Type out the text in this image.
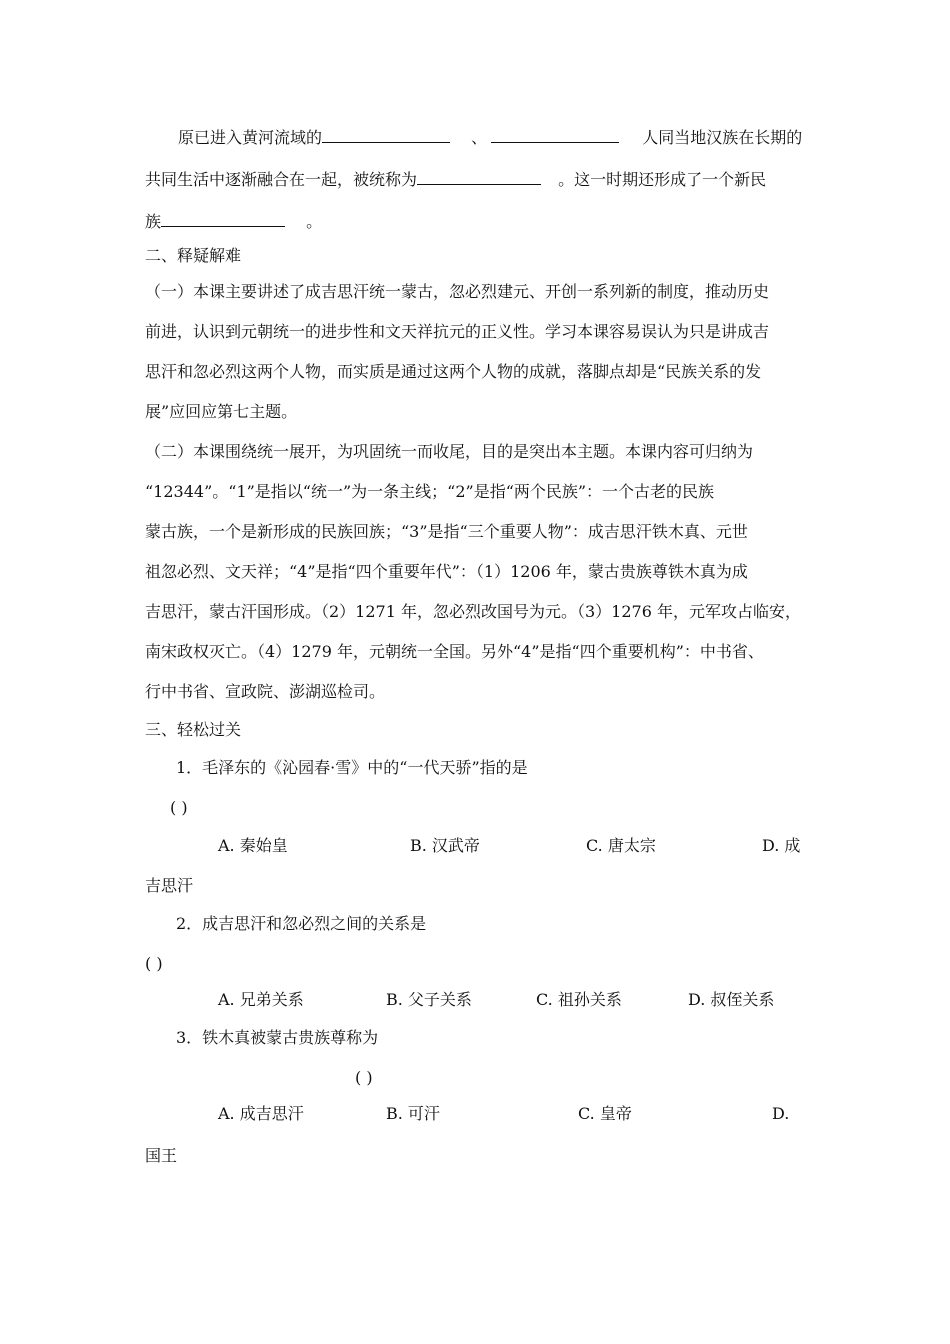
原已进入黄河流域的	、	人同当地汉族在长期的
共同生活中逐渐融合在一起，被统称为	。这一时期还形成了一个新民
族	。
二、释疑解难
（一）本课主要讲述了成吉思汗统一蒙古，忽必烈建元、开创一系列新的制度，推动历史
前进，认识到元朝统一的进步性和文天祥抗元的正义性。学习本课容易误认为只是讲成吉
思汗和忽必烈这两个人物，而实质是通过这两个人物的成就，落脚点却是“民族关系的发
展”应回应第七主题。
（二）本课围绕统一展开，为巩固统一而收尾，目的是突出本主题。本课内容可归纳为
“12344”。“1”是指以“统一”为一条主线；“2”是指“两个民族”：一个古老的民族
蒙古族，一个是新形成的民族回族；“3”是指“三个重要人物”：成吉思汗铁木真、元世
祖忽必烈、文天祥；“4”是指“四个重要年代”：（1）1206 年，蒙古贵族尊铁木真为成
吉思汗，蒙古汗国形成。（2）1271 年，忽必烈改国号为元。（3）1276 年，元军攻占临安，
南宋政权灭亡。（4）1279 年，元朝统一全国。另外“4”是指“四个重要机构”：中书省、
行中书省、宣政院、澎湖巡检司。
三、轻松过关
1．毛泽东的《沁园春·雪》中的“一代天骄”指的是
( )
A. 秦始皇	B. 汉武帝	C. 唐太宗	D. 成
吉思汗
2．成吉思汗和忽必烈之间的关系是
( )
A. 兄弟关系	B. 父子关系	C. 祖孙关系	D. 叔侄关系
3．铁木真被蒙古贵族尊称为
( )
A. 成吉思汗	B. 可汗	C. 皇帝	D.
国王
